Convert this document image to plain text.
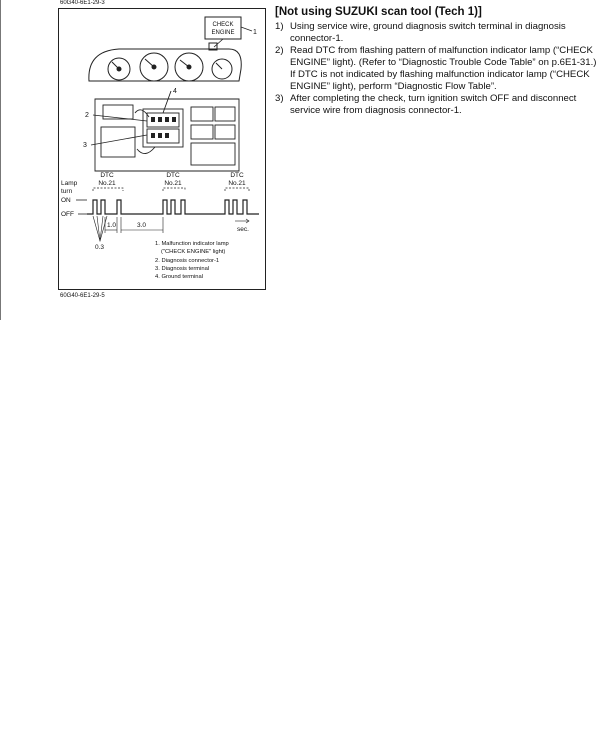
60G40-6E1-29-3
CHECK
ENGINE	1
4
2
3
Lamp
turn
ON
OFF
DTC
No.21
DTC
No.21
DTC
No.21
1.0	3.0
0.3
sec.
1. Malfunction indicator lamp
("CHECK ENGINE" light)
2. Diagnosis connector-1
3. Diagnosis terminal
4. Ground terminal
60G40-6E1-29-5
[Not using SUZUKI scan tool (Tech 1)]
1) Using service wire, ground diagnosis switch terminal in diagnosis connector-1.

2) Read DTC from flashing pattern of malfunction indicator lamp (“CHECK ENGINE” light). (Refer to “Diagnostic Trouble Code Table” on p.6E1-31.)

If DTC is not indicated by flashing malfunction indicator lamp (“CHECK ENGINE” light), perform “Diagnostic Flow Table”.

3) After completing the check, turn ignition switch OFF and disconnect service wire from diagnosis connector-1.
